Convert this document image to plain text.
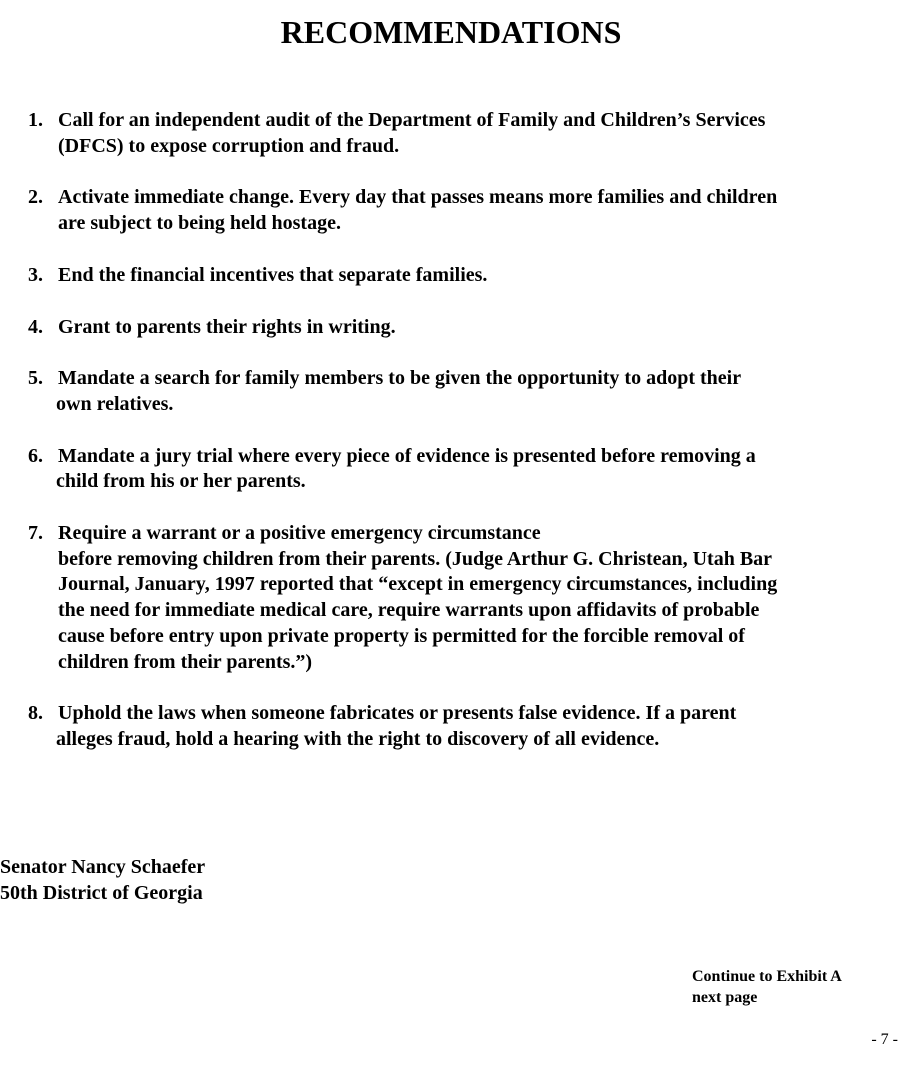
RECOMMENDATIONS
1. Call for an independent audit of the Department of Family and Children’s Services
(DFCS) to expose corruption and fraud.
2. Activate immediate change. Every day that passes means more families and children
are subject to being held hostage.
3. End the financial incentives that separate families.
4. Grant to parents their rights in writing.
5. Mandate a search for family members to be given the opportunity to adopt their
own relatives.
6. Mandate a jury trial where every piece of evidence is presented before removing a
child from his or her parents.
7. Require a warrant or a positive emergency circumstance
before removing children from their parents. (Judge Arthur G. Christean, Utah Bar
Journal, January, 1997 reported that “except in emergency circumstances, including
the need for immediate medical care, require warrants upon affidavits of probable
cause before entry upon private property is permitted for the forcible removal of
children from their parents.”)
8. Uphold the laws when someone fabricates or presents false evidence. If a parent
alleges fraud, hold a hearing with the right to discovery of all evidence.
Senator Nancy Schaefer
50th District of Georgia
Continue to Exhibit A
next page
- 7 -
